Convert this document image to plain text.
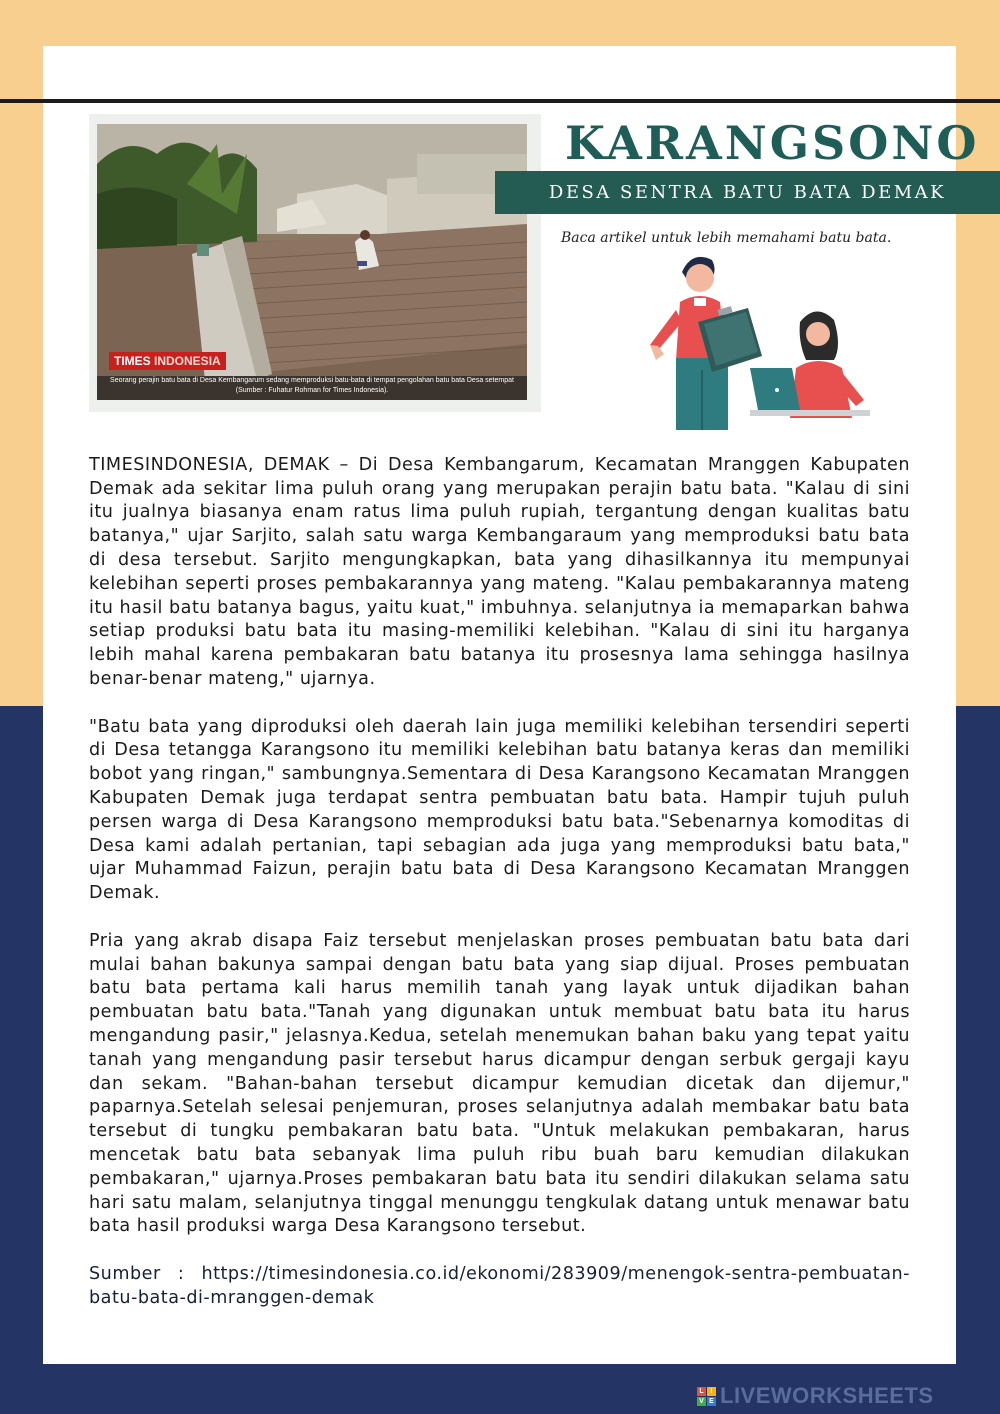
TIMES INDONESIA
Seorang perajin batu bata di Desa Kembangarum sedang memproduksi batu-bata di tempat pengolahan batu bata Desa setempat (Sumber : Fuhatur Rohman for Times Indonesia).
KARANGSONO
DESA SENTRA BATU BATA DEMAK
Baca artikel untuk lebih memahami batu bata.

TIMESINDONESIA, DEMAK – Di Desa Kembangarum, Kecamatan Mranggen Kabupaten Demak ada sekitar lima puluh orang yang merupakan perajin batu bata. "Kalau di sini itu jualnya biasanya enam ratus lima puluh rupiah, tergantung dengan kualitas batu batanya," ujar Sarjito, salah satu warga Kembangaraum yang memproduksi batu bata di desa tersebut. Sarjito mengungkapkan, bata yang dihasilkannya itu mempunyai kelebihan seperti proses pembakarannya yang mateng. "Kalau pembakarannya mateng itu hasil batu batanya bagus, yaitu kuat," imbuhnya. selanjutnya ia memaparkan bahwa setiap produksi batu bata itu masing-memiliki kelebihan. "Kalau di sini itu harganya lebih mahal karena pembakaran batu batanya itu prosesnya lama sehingga hasilnya benar-benar mateng," ujarnya.

"Batu bata yang diproduksi oleh daerah lain juga memiliki kelebihan tersendiri seperti di Desa tetangga Karangsono itu memiliki kelebihan batu batanya keras dan memiliki bobot yang ringan," sambungnya.Sementara di Desa Karangsono Kecamatan Mranggen Kabupaten Demak juga terdapat sentra pembuatan batu bata. Hampir tujuh puluh persen warga di Desa Karangsono memproduksi batu bata."Sebenarnya komoditas di Desa kami adalah pertanian, tapi sebagian ada juga yang memproduksi batu bata," ujar Muhammad Faizun, perajin batu bata di Desa Karangsono Kecamatan Mranggen Demak.

Pria yang akrab disapa Faiz tersebut menjelaskan proses pembuatan batu bata dari mulai bahan bakunya sampai dengan batu bata yang siap dijual. Proses pembuatan batu bata pertama kali harus memilih tanah yang layak untuk dijadikan bahan pembuatan batu bata."Tanah yang digunakan untuk membuat batu bata itu harus mengandung pasir," jelasnya.Kedua, setelah menemukan bahan baku yang tepat yaitu tanah yang mengandung pasir tersebut harus dicampur dengan serbuk gergaji kayu dan sekam. "Bahan-bahan tersebut dicampur kemudian dicetak dan dijemur," paparnya.Setelah selesai penjemuran, proses selanjutnya adalah membakar batu bata tersebut di tungku pembakaran batu bata. "Untuk melakukan pembakaran, harus mencetak batu bata sebanyak lima puluh ribu buah baru kemudian dilakukan pembakaran," ujarnya.Proses pembakaran batu bata itu sendiri dilakukan selama satu hari satu malam, selanjutnya tinggal menunggu tengkulak datang untuk menawar batu bata hasil produksi warga Desa Karangsono tersebut.

Sumber : https://timesindonesia.co.id/ekonomi/283909/menengok-sentra-pembuatan-batu-bata-di-mranggen-demak

L I
V E LIVEWORKSHEETS
